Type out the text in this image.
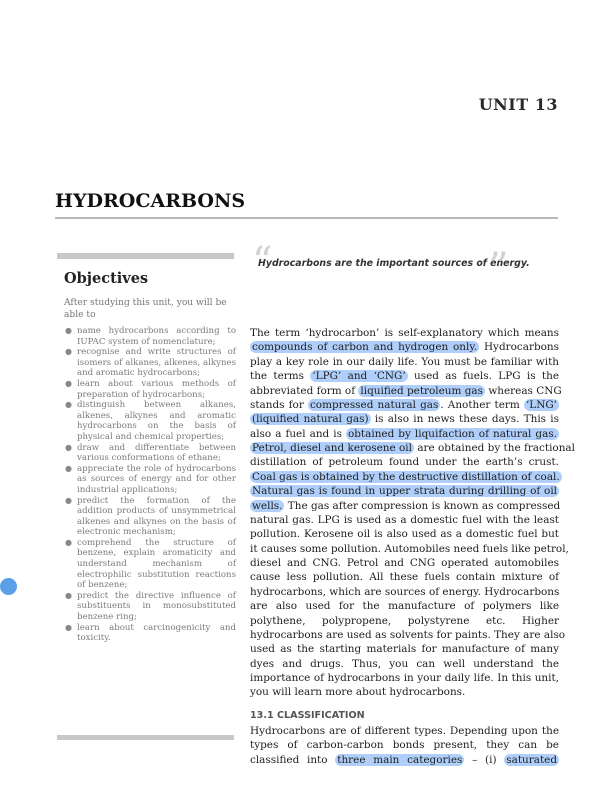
UNIT 13
HYDROCARBONS
Objectives
After studying this unit, you will be able to
● name hydrocarbons according to IUPAC system of nomenclature;
● recognise and write structures of isomers of alkanes, alkenes, alkynes and aromatic hydrocarbons;
● learn about various methods of preparation of hydrocarbons;
● distinguish between alkanes, alkenes, alkynes and aromatic hydrocarbons on the basis of physical and chemical properties;
● draw and differentiate between various conformations of ethane;
● appreciate the role of hydrocarbons as sources of energy and for other industrial applications;
● predict the formation of the addition products of unsymmetrical alkenes and alkynes on the basis of electronic mechanism;
● comprehend the structure of benzene, explain aromaticity and understand mechanism of electrophilic substitution reactions of benzene;
● predict the directive influence of substituents in monosubstituted benzene ring;
● learn about carcinogenicity and toxicity.
“
Hydrocarbons are the important sources of energy.
”
The term ‘hydrocarbon’ is self-explanatory which means
compounds of carbon and hydrogen only. Hydrocarbons
play a key role in our daily life. You must be familiar with
the terms ‘LPG’ and ‘CNG’ used as fuels. LPG is the
abbreviated form of liquified petroleum gas whereas CNG
stands for compressed natural gas . Another term ‘LNG’
(liquified natural gas) is also in news these days. This is
also a fuel and is obtained by liquifaction of natural gas.
Petrol, diesel and kerosene oil are obtained by the fractional
distillation of petroleum found under the earth’s crust.
Coal gas is obtained by the destructive distillation of coal.
Natural gas is found in upper strata during drilling of oil
wells. The gas after compression is known as compressed
natural gas. LPG is used as a domestic fuel with the least
pollution. Kerosene oil is also used as a domestic fuel but
it causes some pollution. Automobiles need fuels like petrol,
diesel and CNG. Petrol and CNG operated automobiles
cause less pollution. All these fuels contain mixture of
hydrocarbons, which are sources of energy. Hydrocarbons
are also used for the manufacture of polymers like
polythene, polypropene, polystyrene etc. Higher
hydrocarbons are used as solvents for paints. They are also
used as the starting materials for manufacture of many
dyes and drugs. Thus, you can well understand the
importance of hydrocarbons in your daily life. In this unit,
you will learn more about hydrocarbons.
13.1 CLASSIFICATION
Hydrocarbons are of different types. Depending upon the
types of carbon-carbon bonds present, they can be
classified into three main categories – (i) saturated
